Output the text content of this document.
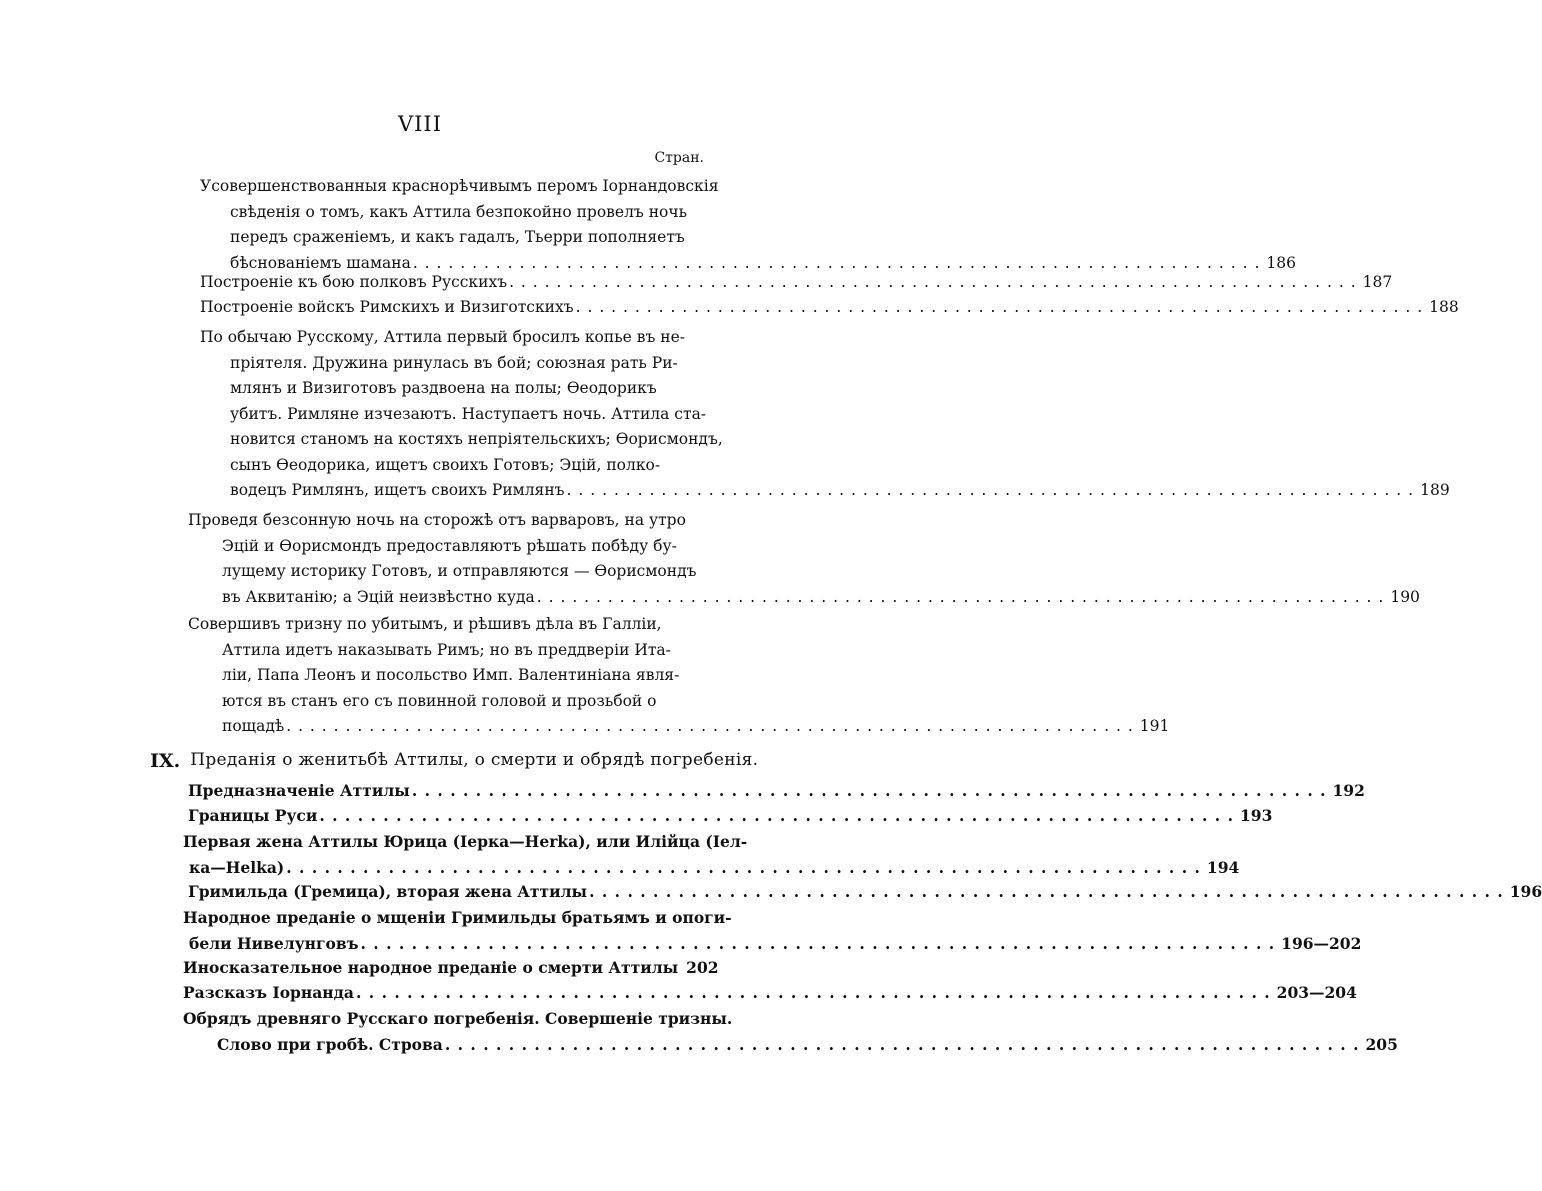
VIII
Стран.
Усовершенствованныя краснорѣчивымъ перомъ Іорнандовскія
свѣденія о томъ, какъ Аттила безпокойно провелъ ночь
передъ сраженіемъ, и какъ гадалъ, Тьерри пополняетъ
бѣснованіемъ шамана . . .	186
Построеніе къ бою полковъ Русскихъ . . .	187
Построеніе войскъ Римскихъ и Визиготскихъ . . .	188
По обычаю Русскому, Аттила первый бросилъ копье въ не-
пріятеля. Дружина ринулась въ бой; союзная рать Ри-
млянъ и Визиготовъ раздвоена на полы; Өеодорикъ
убитъ. Римляне изчезаютъ. Наступаетъ ночь. Аттила ста-
новится станомъ на костяхъ непріятельскихъ; Өорисмондъ,
сынъ Өеодорика, ищетъ своихъ Готовъ; Эцій, полко-
водецъ Римлянъ, ищетъ своихъ Римлянъ . . .	189
Проведя безсонную ночь на сторожѣ отъ варваровъ, на утро
Эцій и Өорисмондъ предоставляютъ рѣшать побѣду бу-
лущему историку Готовъ, и отправляются — Өорисмондъ
въ Аквитанію; а Эцій неизвѣстно куда . . .	190
Совершивъ тризну по убитымъ, и рѣшивъ дѣла въ Галліи,
Аттила идетъ наказывать Римъ; но въ преддверіи Ита-
ліи, Папа Леонъ и посольство Имп. Валентиніана явля-
ются въ станъ его съ повинной головой и прозьбой о
пощадѣ . . .	191
IX. Преданія о женитьбѣ Аттилы, о смерти и обрядѣ погребенія.
Предназначеніе Аттилы . . .	192
Границы Руси . . .	193
Первая жена Аттилы Юрица (Іерка—Herka), или Илійца (Іел-
ка—Helka) . . .	194
Гримильда (Гремица), вторая жена Аттилы . . .	196
Народное преданіе о мщеніи Гримильды братьямъ и опоги-
бели Нивелунговъ . . .	196—202
Иносказательное народное преданіе о смерти Аттилы 202
Разсказъ Іорнанда . . .	203—204
Обрядъ древняго Русскаго погребенія. Совершеніе тризны.
Слово при гробѣ. Строва . . .	205
